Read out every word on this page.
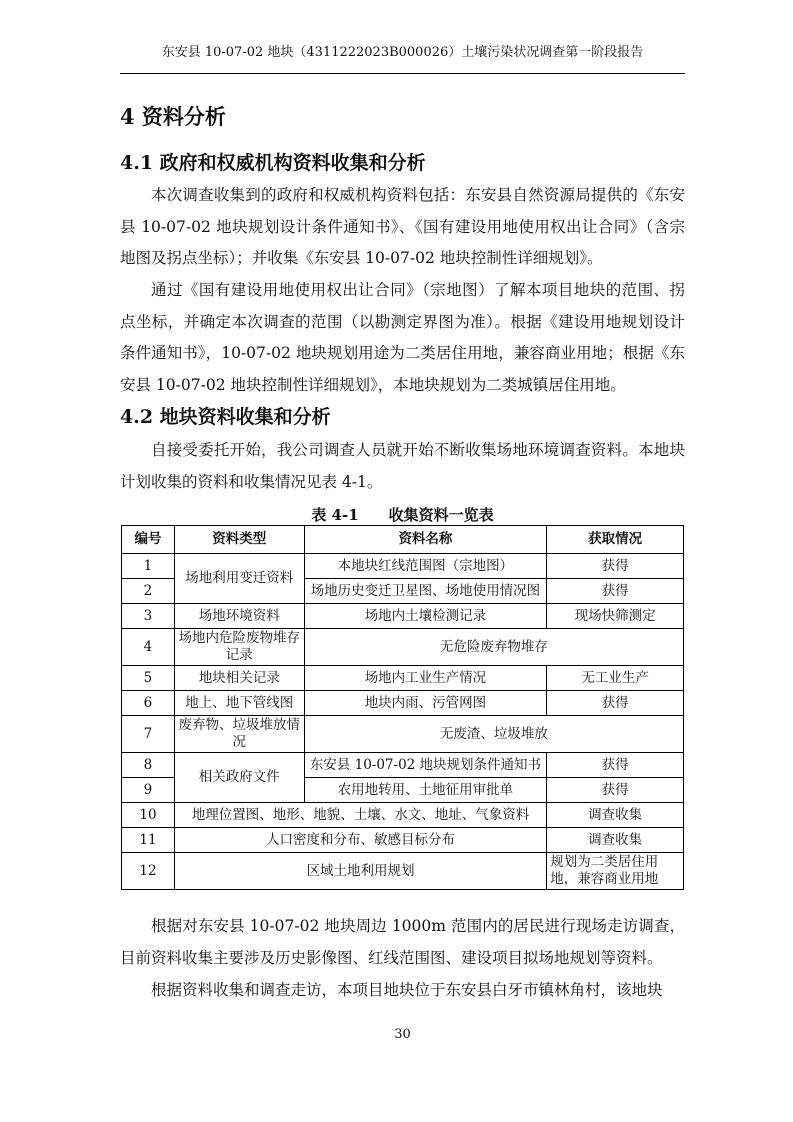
东安县 10-07-02 地块（4311222023B000026）土壤污染状况调查第一阶段报告
4 资料分析
4.1 政府和权威机构资料收集和分析

本次调查收集到的政府和权威机构资料包括：东安县自然资源局提供的《东安县 10-07-02 地块规划设计条件通知书》、《国有建设用地使用权出让合同》（含宗地图及拐点坐标）；并收集《东安县 10-07-02 地块控制性详细规划》。

通过《国有建设用地使用权出让合同》（宗地图）了解本项目地块的范围、拐点坐标，并确定本次调查的范围（以勘测定界图为准）。根据《建设用地规划设计条件通知书》，10-07-02 地块规划用途为二类居住用地，兼容商业用地；根据《东安县 10-07-02 地块控制性详细规划》，本地块规划为二类城镇居住用地。

4.2 地块资料收集和分析

自接受委托开始，我公司调查人员就开始不断收集场地环境调查资料。本地块计划收集的资料和收集情况见表 4-1。

表 4-1　　收集资料一览表
编号	资料类型	资料名称	获取情况
1	场地利用变迁资料	本地块红线范围图（宗地图）	获得
2		场地历史变迁卫星图、场地使用情况图	获得
3	场地环境资料	场地内土壤检测记录	现场快筛测定
4	场地内危险废物堆存记录	无危险废弃物堆存	
5	地块相关记录	场地内工业生产情况	无工业生产
6	地上、地下管线图	地块内雨、污管网图	获得
7	废弃物、垃圾堆放情况	无废渣、垃圾堆放	
8	相关政府文件	东安县 10-07-02 地块规划条件通知书	获得
9		农用地转用、土地征用审批单	获得
10	地理位置图、地形、地貌、土壤、水文、地址、气象资料		调查收集
11	人口密度和分布、敏感目标分布		调查收集
12	区域土地利用规划		规划为二类居住用地，兼容商业用地

根据对东安县 10-07-02 地块周边 1000m 范围内的居民进行现场走访调查，目前资料收集主要涉及历史影像图、红线范围图、建设项目拟场地规划等资料。

根据资料收集和调查走访，本项目地块位于东安县白牙市镇林角村，该地块

30
